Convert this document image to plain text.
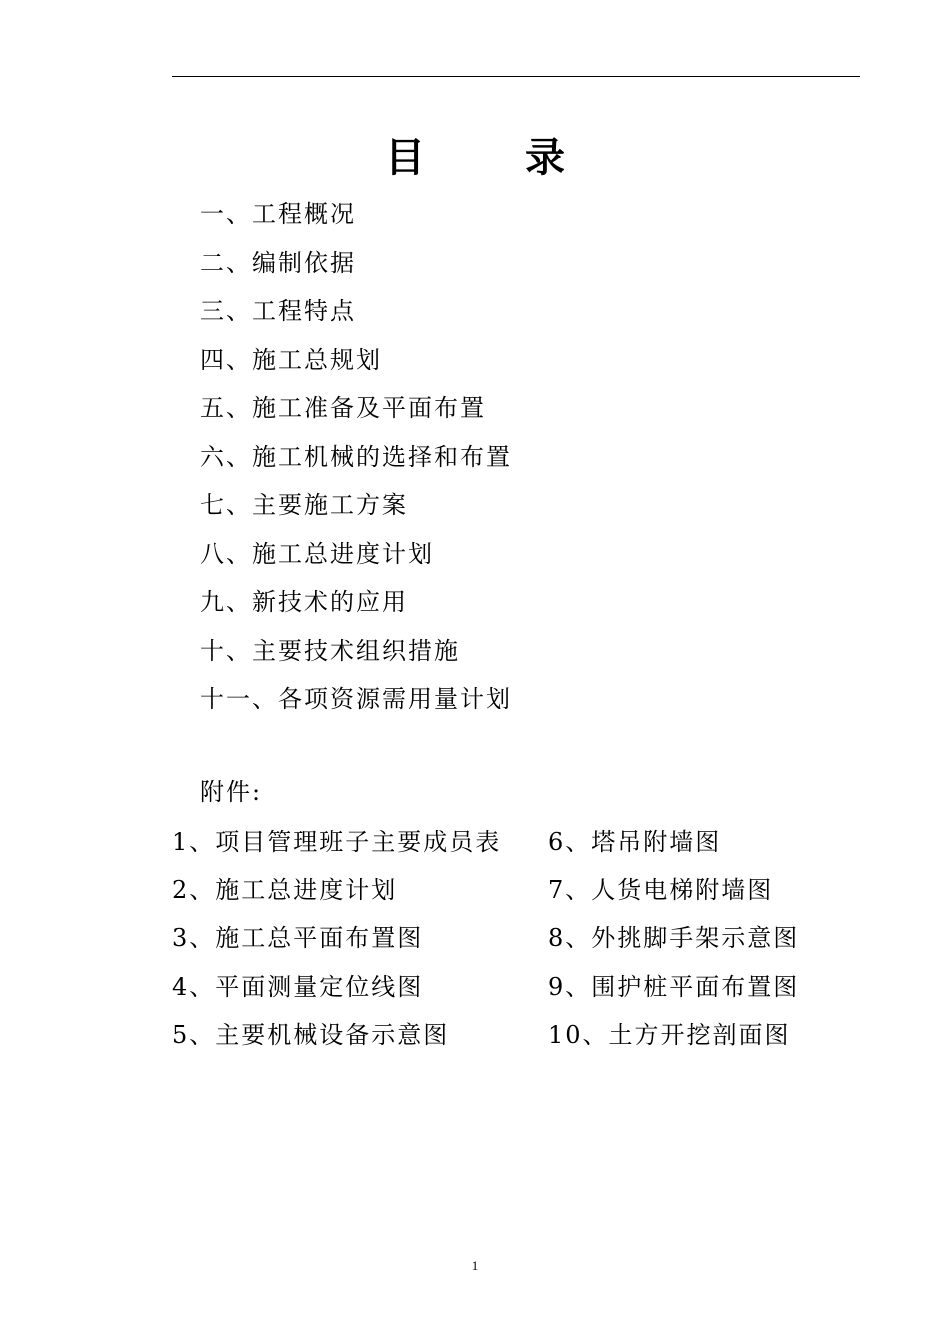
目	录
一、工程概况
二、编制依据
三、工程特点
四、施工总规划
五、施工准备及平面布置
六、施工机械的选择和布置
七、主要施工方案
八、施工总进度计划
九、新技术的应用
十、主要技术组织措施
十一、各项资源需用量计划
附件:
1、项目管理班子主要成员表
2、施工总进度计划
3、施工总平面布置图
4、平面测量定位线图
5、主要机械设备示意图
6、塔吊附墙图
7、人货电梯附墙图
8、外挑脚手架示意图
9、围护桩平面布置图
10、土方开挖剖面图
1
